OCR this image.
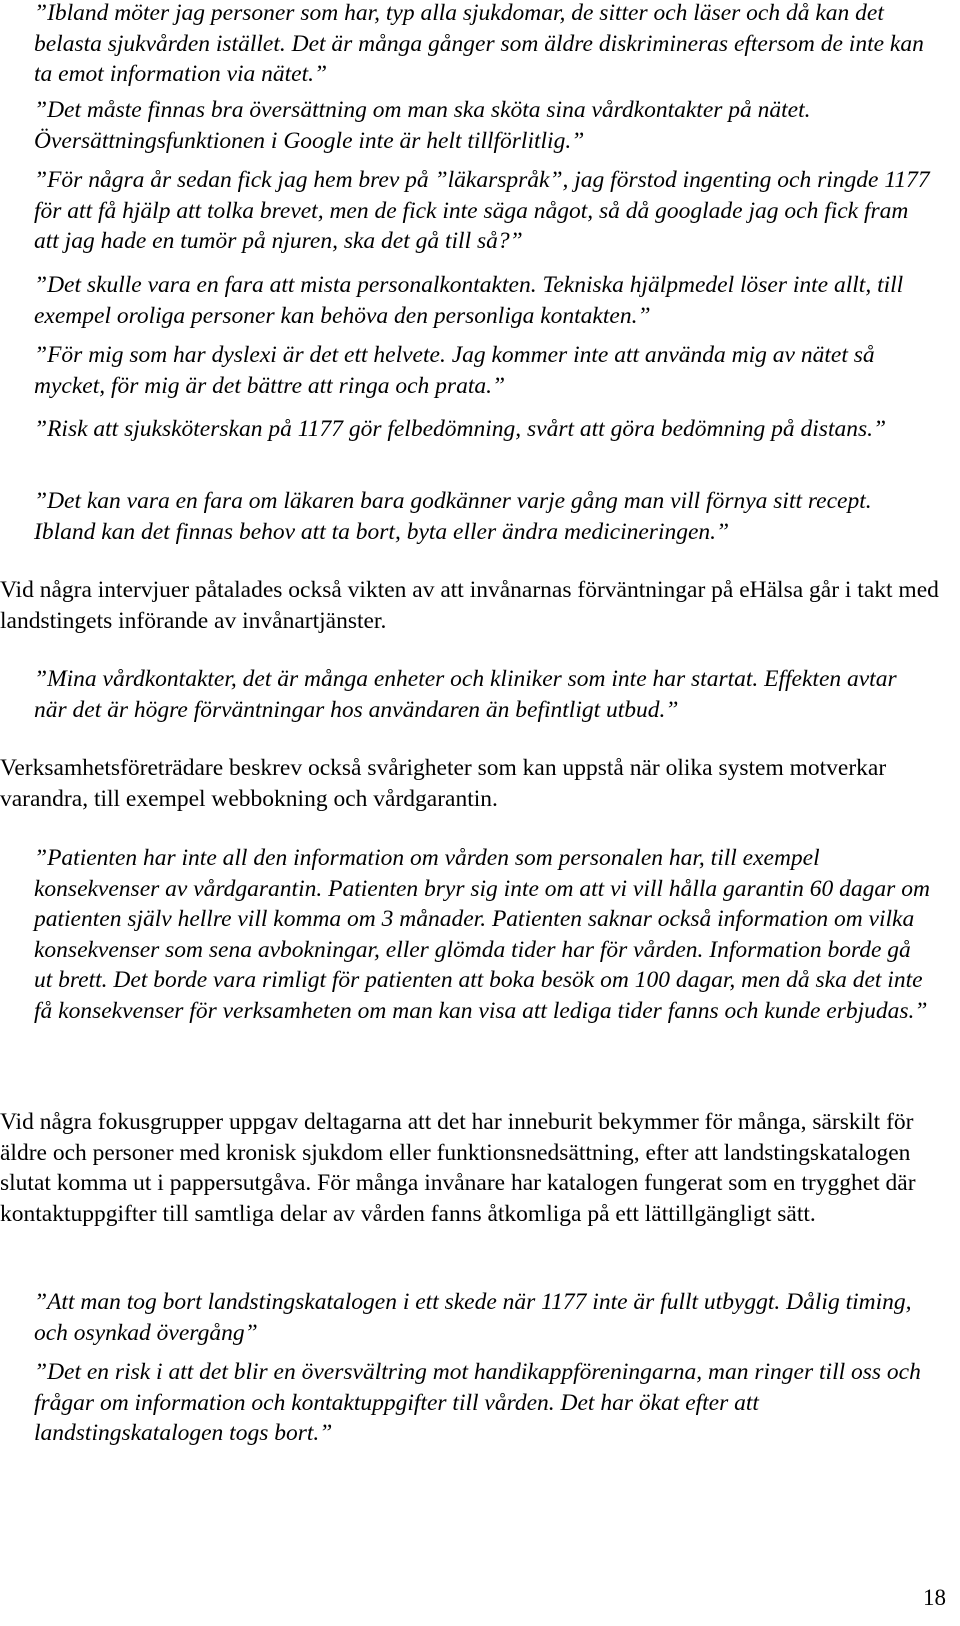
”Ibland möter jag personer som har, typ alla sjukdomar, de sitter och läser och då kan det belasta sjukvården istället. Det är många gånger som äldre diskrimineras eftersom de inte kan ta emot information via nätet.”

”Det måste finnas bra översättning om man ska sköta sina vårdkontakter på nätet. Översättningsfunktionen i Google inte är helt tillförlitlig.”

”För några år sedan fick jag hem brev på ”läkarspråk”, jag förstod ingenting och ringde 1177 för att få hjälp att tolka brevet, men de fick inte säga något, så då googlade jag och fick fram att jag hade en tumör på njuren, ska det gå till så?”

”Det skulle vara en fara att mista personalkontakten. Tekniska hjälpmedel löser inte allt, till exempel oroliga personer kan behöva den personliga kontakten.”

”För mig som har dyslexi är det ett helvete. Jag kommer inte att använda mig av nätet så mycket, för mig är det bättre att ringa och prata.”

”Risk att sjuksköterskan på 1177 gör felbedömning, svårt att göra bedömning på distans.”

”Det kan vara en fara om läkaren bara godkänner varje gång man vill förnya sitt recept. Ibland kan det finnas behov att ta bort, byta eller ändra medicineringen.”

Vid några intervjuer påtalades också vikten av att invånarnas förväntningar på eHälsa går i takt med landstingets införande av invånartjänster.

”Mina vårdkontakter, det är många enheter och kliniker som inte har startat. Effekten avtar när det är högre förväntningar hos användaren än befintligt utbud.”

Verksamhetsföreträdare beskrev också svårigheter som kan uppstå när olika system motverkar varandra, till exempel webbokning och vårdgarantin.

”Patienten har inte all den information om vården som personalen har, till exempel konsekvenser av vårdgarantin. Patienten bryr sig inte om att vi vill hålla garantin 60 dagar om patienten själv hellre vill komma om 3 månader. Patienten saknar också information om vilka konsekvenser som sena avbokningar, eller glömda tider har för vården. Information borde gå ut brett. Det borde vara rimligt för patienten att boka besök om 100 dagar, men då ska det inte få konsekvenser för verksamheten om man kan visa att lediga tider fanns och kunde erbjudas.”

Vid några fokusgrupper uppgav deltagarna att det har inneburit bekymmer för många, särskilt för äldre och personer med kronisk sjukdom eller funktionsnedsättning, efter att landstingskatalogen slutat komma ut i pappersutgåva. För många invånare har katalogen fungerat som en trygghet där kontaktuppgifter till samtliga delar av vården fanns åtkomliga på ett lättillgängligt sätt.

”Att man tog bort landstingskatalogen i ett skede när 1177 inte är fullt utbyggt. Dålig timing, och osynkad övergång”

”Det en risk i att det blir en översvältring mot handikappföreningarna, man ringer till oss och frågar om information och kontaktuppgifter till vården. Det har ökat efter att landstingskatalogen togs bort.”

18
